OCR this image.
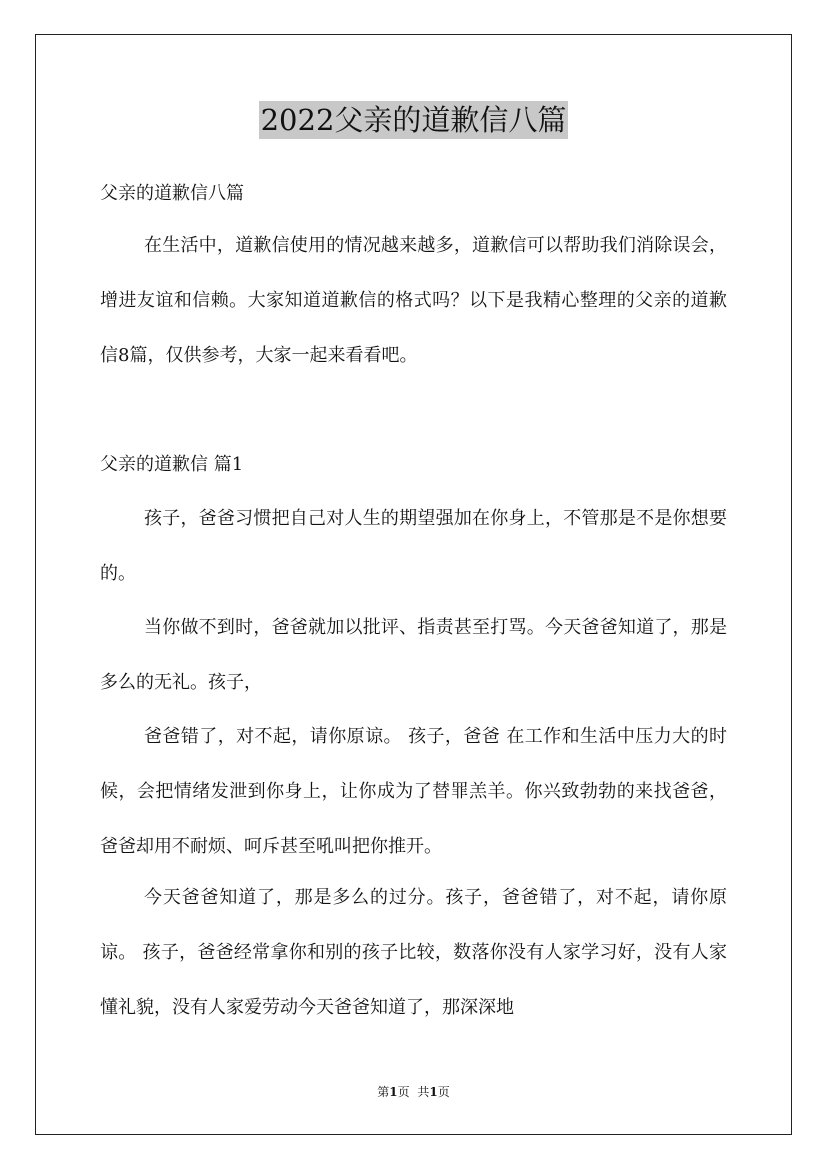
2022父亲的道歉信八篇
父亲的道歉信八篇

在生活中，道歉信使用的情况越来越多，道歉信可以帮助我们消除误会，增进友谊和信赖。大家知道道歉信的格式吗？以下是我精心整理的父亲的道歉信8篇，仅供参考，大家一起来看看吧。

父亲的道歉信 篇1

孩子，爸爸习惯把自己对人生的期望强加在你身上，不管那是不是你想要的。

当你做不到时，爸爸就加以批评、指责甚至打骂。今天爸爸知道了，那是多么的无礼。孩子，

爸爸错了，对不起，请你原谅。 孩子，爸爸 在工作和生活中压力大的时候，会把情绪发泄到你身上，让你成为了替罪羔羊。你兴致勃勃的来找爸爸，爸爸却用不耐烦、呵斥甚至吼叫把你推开。

今天爸爸知道了，那是多么的过分。孩子，爸爸错了，对不起，请你原谅。 孩子，爸爸经常拿你和别的孩子比较，数落你没有人家学习好，没有人家懂礼貌，没有人家爱劳动今天爸爸知道了，那深深地

第1页 共1页
